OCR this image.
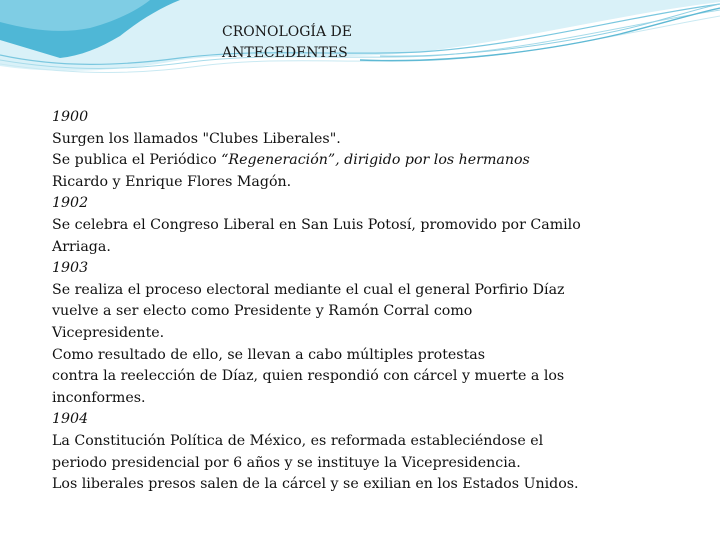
CRONOLOGÍA DE
ANTECEDENTES
1900
Surgen los llamados "Clubes Liberales".
Se publica el Periódico “Regeneración”, dirigido por los hermanos
Ricardo y Enrique Flores Magón.
1902
Se celebra el Congreso Liberal en San Luis Potosí, promovido por Camilo
Arriaga.
1903
Se realiza el proceso electoral mediante el cual el general Porfirio Díaz
vuelve a ser electo como Presidente y Ramón Corral como
Vicepresidente.
Como resultado de ello, se llevan a cabo múltiples protestas
contra la reelección de Díaz, quien respondió con cárcel y muerte a los
inconformes.
1904
La Constitución Política de México, es reformada estableciéndose el
periodo presidencial por 6 años y se instituye la Vicepresidencia.
Los liberales presos salen de la cárcel y se exilian en los Estados Unidos.
